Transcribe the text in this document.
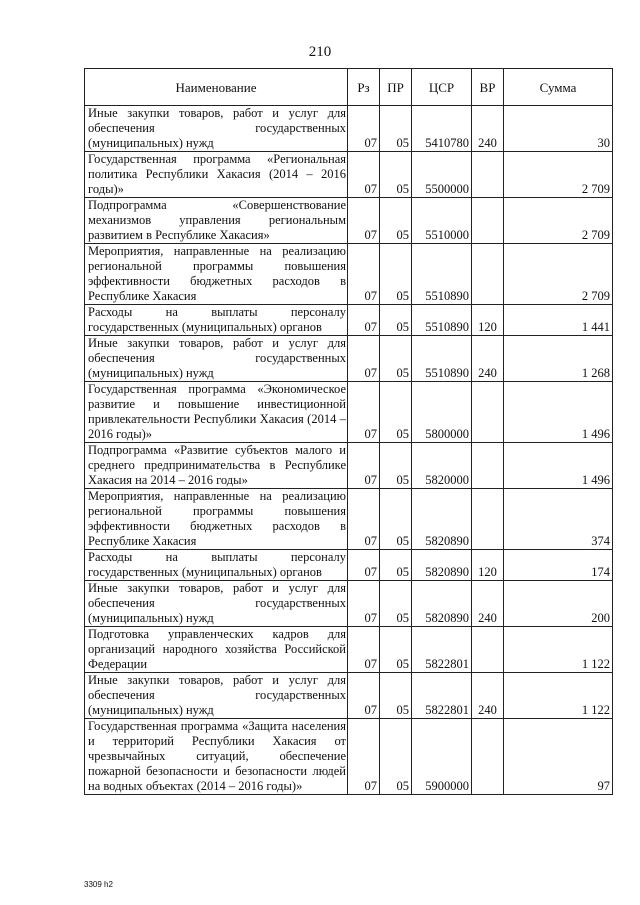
210
Наименование	Рз	ПР	ЦСР	ВР	Сумма
Иные закупки товаров, работ и услуг для обеспечения государственных (муниципальных) нужд	07	05	5410780	240	30
Государственная программа «Региональная политика Республики Хакасия (2014 – 2016 годы)»	07	05	5500000		2 709
Подпрограмма «Совершенствование механизмов управления региональным развитием в Республике Хакасия»	07	05	5510000		2 709
Мероприятия, направленные на реализацию региональной программы повышения эффективности бюджетных расходов в Республике Хакасия	07	05	5510890		2 709
Расходы на выплаты персоналу государственных (муниципальных) органов	07	05	5510890	120	1 441
Иные закупки товаров, работ и услуг для обеспечения государственных (муниципальных) нужд	07	05	5510890	240	1 268
Государственная программа «Экономическое развитие и повышение инвестиционной привлекательности Республики Хакасия (2014 – 2016 годы)»	07	05	5800000		1 496
Подпрограмма «Развитие субъектов малого и среднего предпринимательства в Республике Хакасия на 2014 – 2016 годы»	07	05	5820000		1 496
Мероприятия, направленные на реализацию региональной программы повышения эффективности бюджетных расходов в Республике Хакасия	07	05	5820890		374
Расходы на выплаты персоналу государственных (муниципальных) органов	07	05	5820890	120	174
Иные закупки товаров, работ и услуг для обеспечения государственных (муниципальных) нужд	07	05	5820890	240	200
Подготовка управленческих кадров для организаций народного хозяйства Российской Федерации	07	05	5822801		1 122
Иные закупки товаров, работ и услуг для обеспечения государственных (муниципальных) нужд	07	05	5822801	240	1 122
Государственная программа «Защита населения и территорий Республики Хакасия от чрезвычайных ситуаций, обеспечение пожарной безопасности и безопасности людей на водных объектах (2014 – 2016 годы)»	07	05	5900000		97
3309 h2
